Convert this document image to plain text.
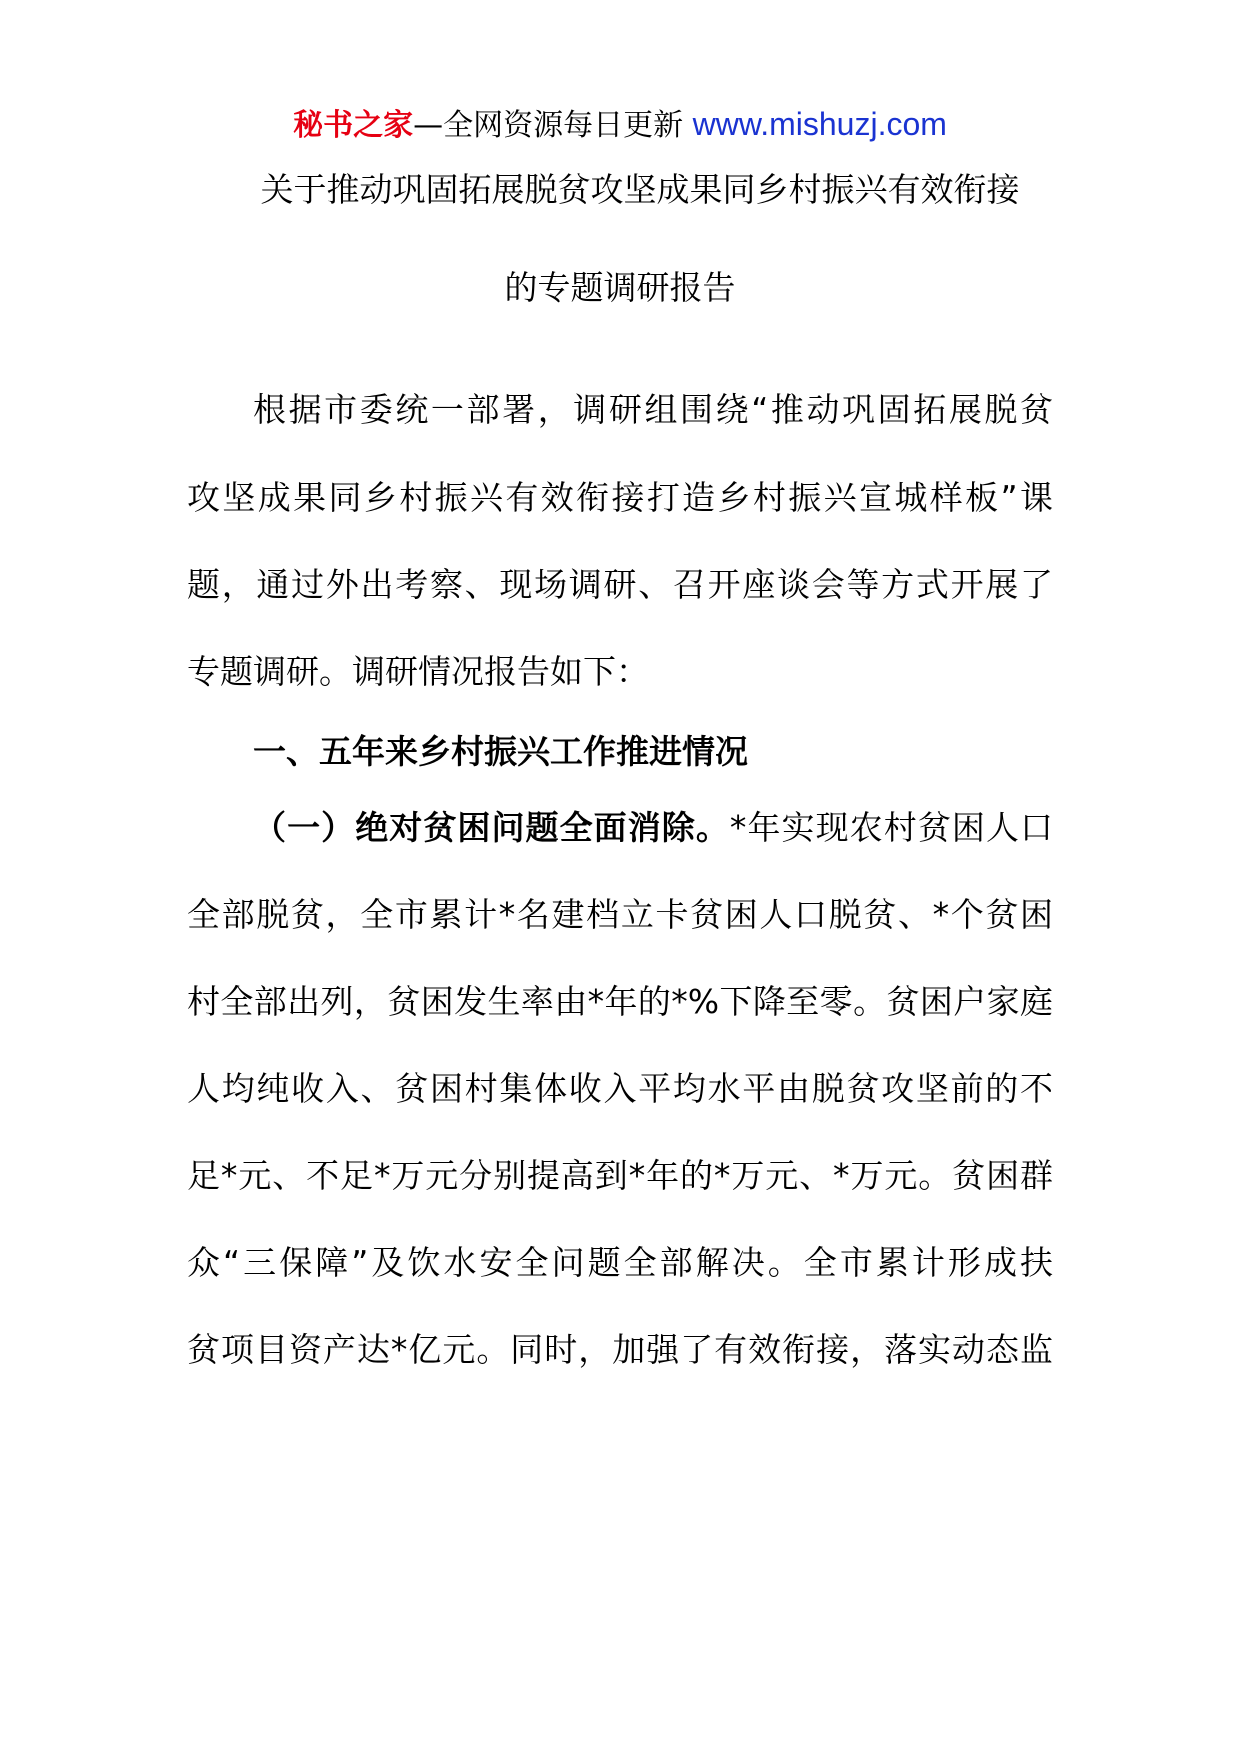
秘书之家—全网资源每日更新 www.mishuzj.com
关于推动巩固拓展脱贫攻坚成果同乡村振兴有效衔接
的专题调研报告
根据市委统一部署，调研组围绕“推动巩固拓展脱贫
攻坚成果同乡村振兴有效衔接打造乡村振兴宣城样板”课
题，通过外出考察、现场调研、召开座谈会等方式开展了
专题调研。调研情况报告如下：
一、五年来乡村振兴工作推进情况
（一）绝对贫困问题全面消除。*年实现农村贫困人口
全部脱贫，全市累计*名建档立卡贫困人口脱贫、*个贫困
村全部出列，贫困发生率由*年的*%下降至零。贫困户家庭
人均纯收入、贫困村集体收入平均水平由脱贫攻坚前的不
足*元、不足*万元分别提高到*年的*万元、*万元。贫困群
众“三保障”及饮水安全问题全部解决。全市累计形成扶
贫项目资产达*亿元。同时，加强了有效衔接，落实动态监
